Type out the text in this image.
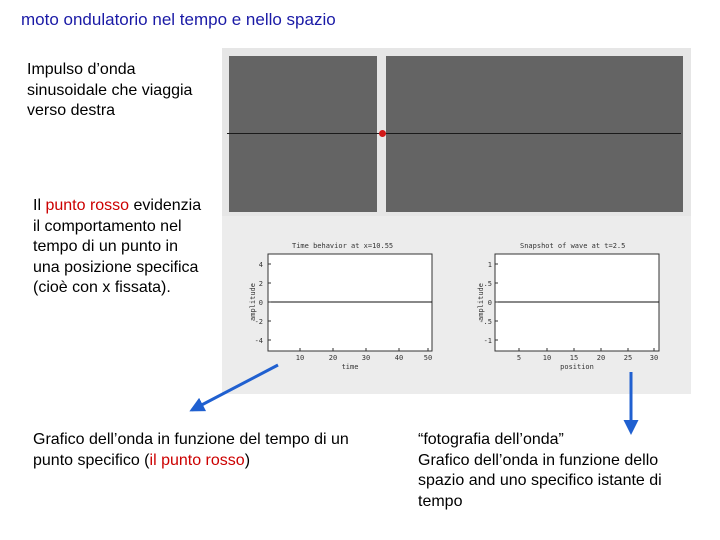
moto ondulatorio nel tempo e nello spazio
Impulso d’onda sinusoidale che viaggia verso destra
Il punto rosso evidenzia il comportamento nel tempo di un punto in una posizione specifica (cioè con x fissata).
Time behavior at x=10.55
4
2
0
-2
-4
10	20	30	40	50
time
amplitude
Snapshot of wave at t=2.5
1
.5
0
-.5
-1
5	10	15	20	25	30
position
amplitude
Grafico dell’onda in funzione del tempo di un punto specifico (il punto rosso)
“fotografia dell’onda”
Grafico dell’onda in funzione dello spazio and uno specifico istante di tempo
